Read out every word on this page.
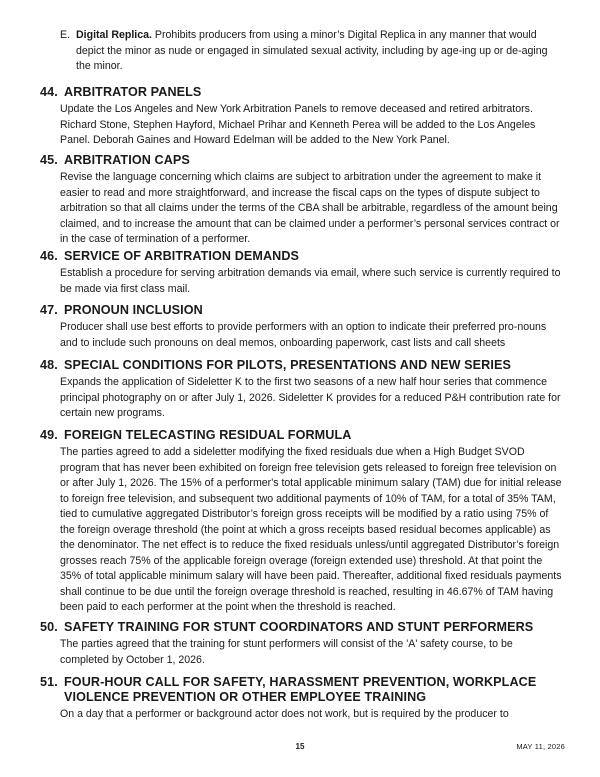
E. Digital Replica. Prohibits producers from using a minor’s Digital Replica in any manner that would depict the minor as nude or engaged in simulated sexual activity, including by age-ing up or de-aging the minor.
44. ARBITRATOR PANELS

Update the Los Angeles and New York Arbitration Panels to remove deceased and retired arbitrators. Richard Stone, Stephen Hayford, Michael Prihar and Kenneth Perea will be added to the Los Angeles Panel. Deborah Gaines and Howard Edelman will be added to the New York Panel.

45. ARBITRATION CAPS

Revise the language concerning which claims are subject to arbitration under the agreement to make it easier to read and more straightforward, and increase the fiscal caps on the types of dispute subject to arbitration so that all claims under the terms of the CBA shall be arbitrable, regardless of the amount being claimed, and to increase the amount that can be claimed under a performer’s personal services contract or in the case of termination of a performer.

46. SERVICE OF ARBITRATION DEMANDS

Establish a procedure for serving arbitration demands via email, where such service is currently required to be made via first class mail.

47. PRONOUN INCLUSION

Producer shall use best efforts to provide performers with an option to indicate their preferred pro-nouns and to include such pronouns on deal memos, onboarding paperwork, cast lists and call sheets

48. SPECIAL CONDITIONS FOR PILOTS, PRESENTATIONS AND NEW SERIES

Expands the application of Sideletter K to the first two seasons of a new half hour series that commence principal photography on or after July 1, 2026. Sideletter K provides for a reduced P&H contribution rate for certain new programs.

49. FOREIGN TELECASTING RESIDUAL FORMULA

The parties agreed to add a sideletter modifying the fixed residuals due when a High Budget SVOD program that has never been exhibited on foreign free television gets released to foreign free television on or after July 1, 2026. The 15% of a performer's total applicable minimum salary (TAM) due for initial release to foreign free television, and subsequent two additional payments of 10% of TAM, for a total of 35% TAM, tied to cumulative aggregated Distributor’s foreign gross receipts will be modified by a ratio using 75% of the foreign overage threshold (the point at which a gross receipts based residual becomes applicable) as the denominator. The net effect is to reduce the fixed residuals unless/until aggregated Distributor’s foreign grosses reach 75% of the applicable foreign overage (foreign extended use) threshold. At that point the 35% of total applicable minimum salary will have been paid. Thereafter, additional fixed residuals payments shall continue to be due until the foreign overage threshold is reached, resulting in 46.67% of TAM having been paid to each performer at the point when the threshold is reached.

50. SAFETY TRAINING FOR STUNT COORDINATORS AND STUNT PERFORMERS

The parties agreed that the training for stunt performers will consist of the 'A' safety course, to be completed by October 1, 2026.

51. FOUR-HOUR CALL FOR SAFETY, HARASSMENT PREVENTION, WORKPLACE VIOLENCE PREVENTION OR OTHER EMPLOYEE TRAINING

On a day that a performer or background actor does not work, but is required by the producer to

15	MAY 11, 2026
